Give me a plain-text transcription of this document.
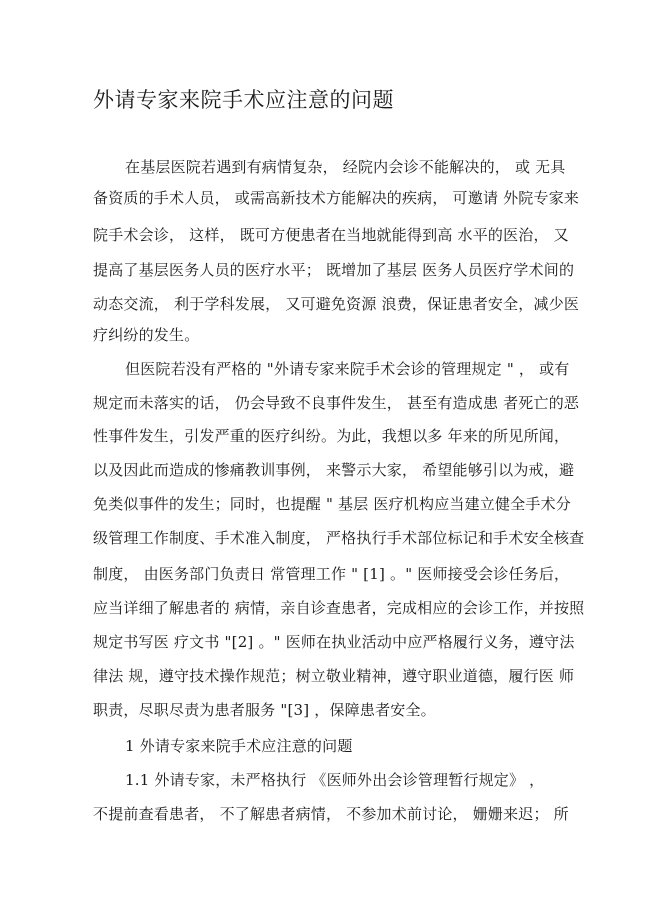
外请专家来院手术应注意的问题
在基层医院若遇到有病情复杂， 经院内会诊不能解决的， 或 无具
备资质的手术人员， 或需高新技术方能解决的疾病， 可邀请 外院专家来
院手术会诊， 这样， 既可方便患者在当地就能得到高 水平的医治， 又
提高了基层医务人员的医疗水平； 既增加了基层 医务人员医疗学术间的
动态交流， 利于学科发展， 又可避免资源 浪费，保证患者安全，减少医
疗纠纷的发生。
但医院若没有严格的 "外请专家来院手术会诊的管理规定 " ， 或有
规定而未落实的话， 仍会导致不良事件发生， 甚至有造成患 者死亡的恶
性事件发生，引发严重的医疗纠纷。为此，我想以多 年来的所见所闻，
以及因此而造成的惨痛教训事例， 来警示大家， 希望能够引以为戒，避
免类似事件的发生；同时，也提醒 " 基层 医疗机构应当建立健全手术分
级管理工作制度、手术准入制度， 严格执行手术部位标记和手术安全核查
制度， 由医务部门负责日 常管理工作 " [1] 。" 医师接受会诊任务后，
应当详细了解患者的 病情，亲自诊查患者，完成相应的会诊工作，并按照
规定书写医 疗文书 "[2] 。" 医师在执业活动中应严格履行义务，遵守法
律法 规，遵守技术操作规范；树立敬业精神，遵守职业道德，履行医 师
职责，尽职尽责为患者服务 "[3] ，保障患者安全。
1 外请专家来院手术应注意的问题
1.1 外请专家，未严格执行 《医师外出会诊管理暂行规定》 ，
不提前查看患者， 不了解患者病情， 不参加术前讨论， 姗姗来迟； 所
